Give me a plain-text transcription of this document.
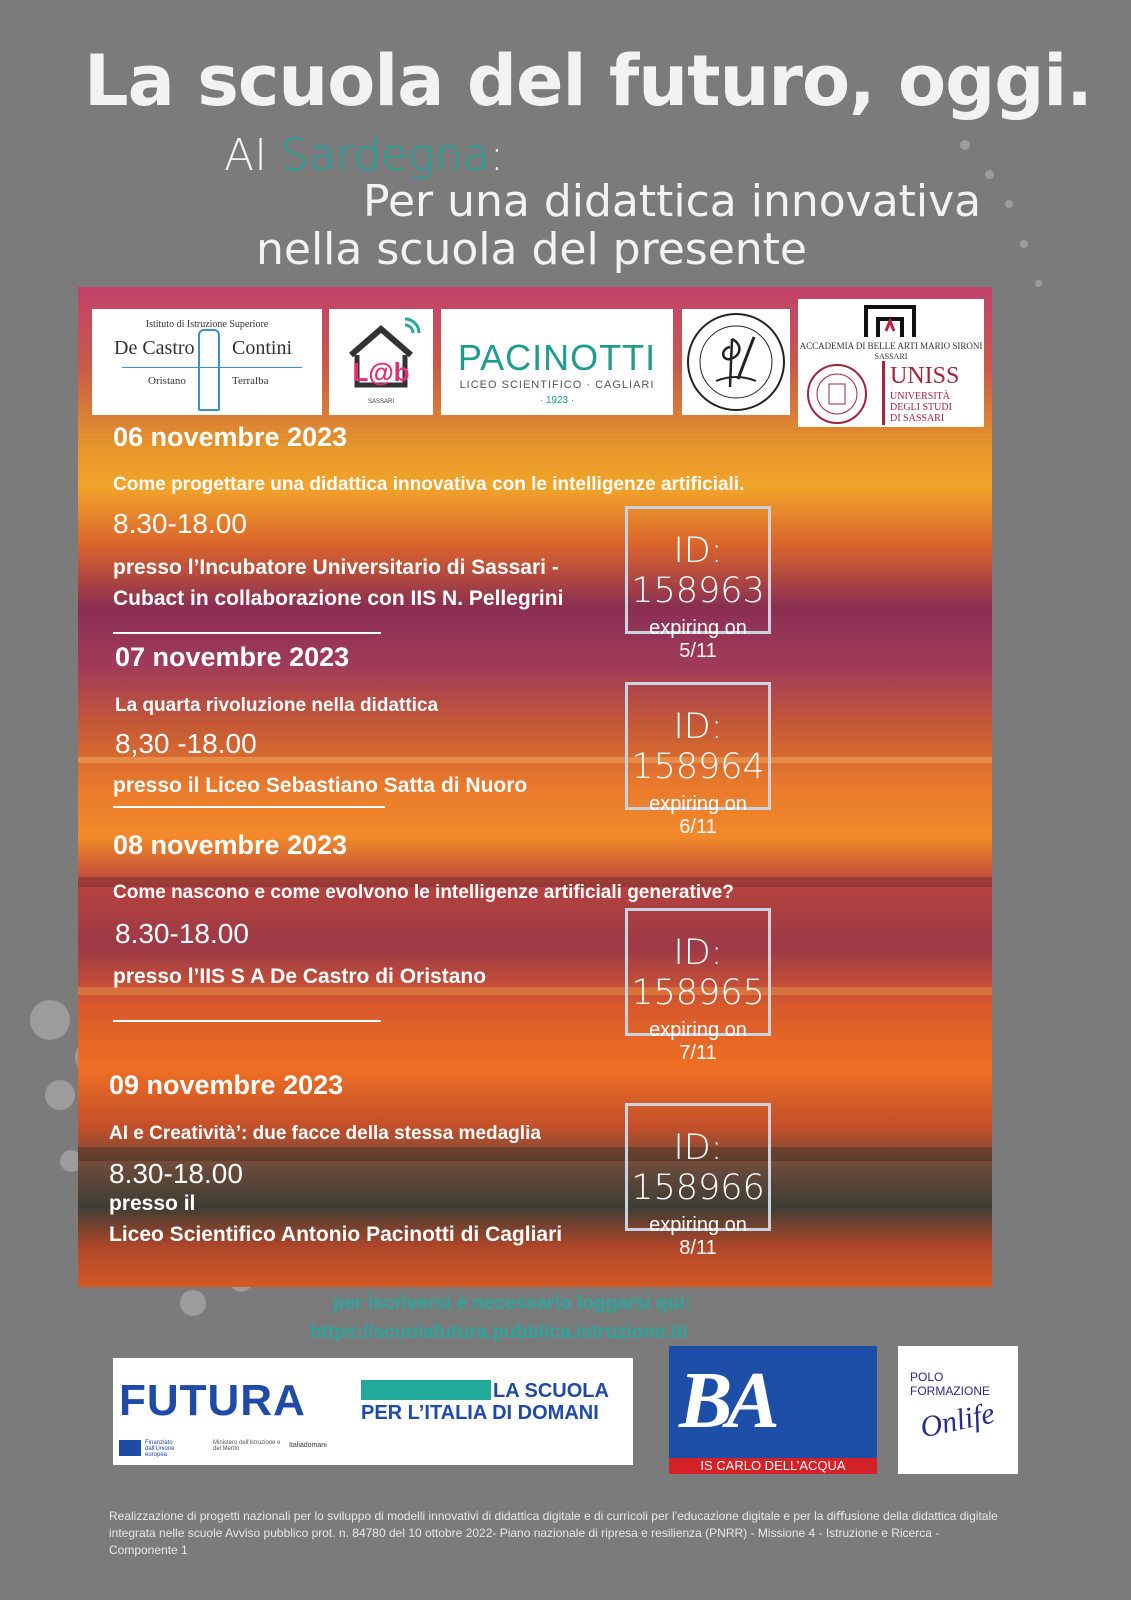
La scuola del futuro, oggi.
AI Sardegna:
Per una didattica innovativa
nella scuola del presente
Istituto di Istruzione Superiore
De Castro Contini
Oristano	Terralba	L@b
SASSARI
PACINOTTI
LICEO SCIENTIFICO · CAGLIARI
· 1923 ·
ACCADEMIA DI BELLE ARTI MARIO SIRONI
SASSARI
UNISS
UNIVERSITÀ
DEGLI STUDI
DI SASSARI
06 novembre 2023
Come progettare una didattica innovativa con le intelligenze artificiali.
8.30-18.00
presso l’Incubatore Universitario di Sassari -
Cubact in collaborazione con IIS N. Pellegrini
ID: 158963
expiring on 5/11
07 novembre 2023
La quarta rivoluzione nella didattica
8,30 -18.00
presso il Liceo Sebastiano Satta di Nuoro
ID: 158964
expiring on 6/11
08 novembre 2023
Come nascono e come evolvono le intelligenze artificiali generative?
8.30-18.00
presso l’IIS S A De Castro di Oristano
ID: 158965
expiring on 7/11
09 novembre 2023
AI e Creatività’: due facce della stessa medaglia
8.30-18.00
presso il
Liceo Scientifico Antonio Pacinotti di Cagliari
ID: 158966
expiring on 8/11
per iscriversi è necessario loggarsi qui:
https://scuolafutura.pubblica.istruzione.it/
FUTURA	LA SCUOLA
PER L’ITALIA DI DOMANI
Finanziato dall'Unione europea
Ministero dell'Istruzione e del Merito	Italiadomani
BA
IS CARLO DELL’ACQUA
POLO
FORMAZIONE
Onlife
Realizzazione di progetti nazionali per lo sviluppo di modelli innovativi di didattica digitale e di curricoli per l’educazione digitale e per la diﬀusione della didattica digitale integrata nelle scuole Avviso pubblico prot. n. 84780 del 10 ottobre 2022- Piano nazionale di ripresa e resilienza (PNRR) - Missione 4 - Istruzione e Ricerca - Componente 1
